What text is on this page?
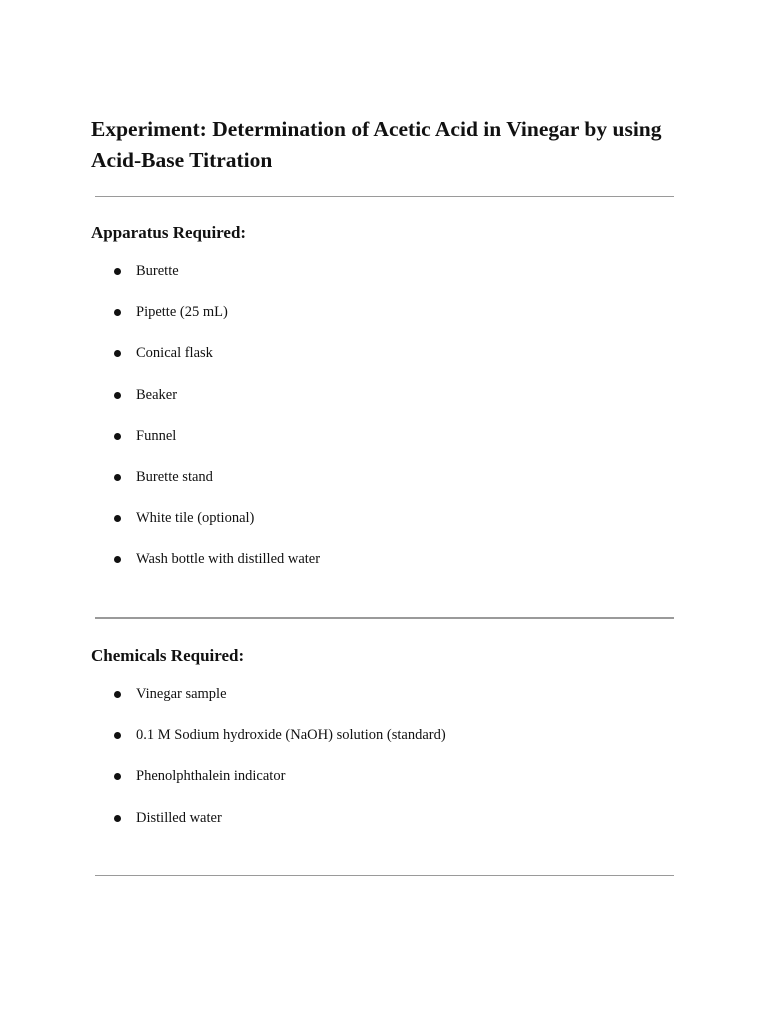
Experiment: Determination of Acetic Acid in Vinegar by using Acid-Base Titration
Apparatus Required:
Burette
Pipette (25 mL)
Conical flask
Beaker
Funnel
Burette stand
White tile (optional)
Wash bottle with distilled water
Chemicals Required:
Vinegar sample
0.1 M Sodium hydroxide (NaOH) solution (standard)
Phenolphthalein indicator
Distilled water
